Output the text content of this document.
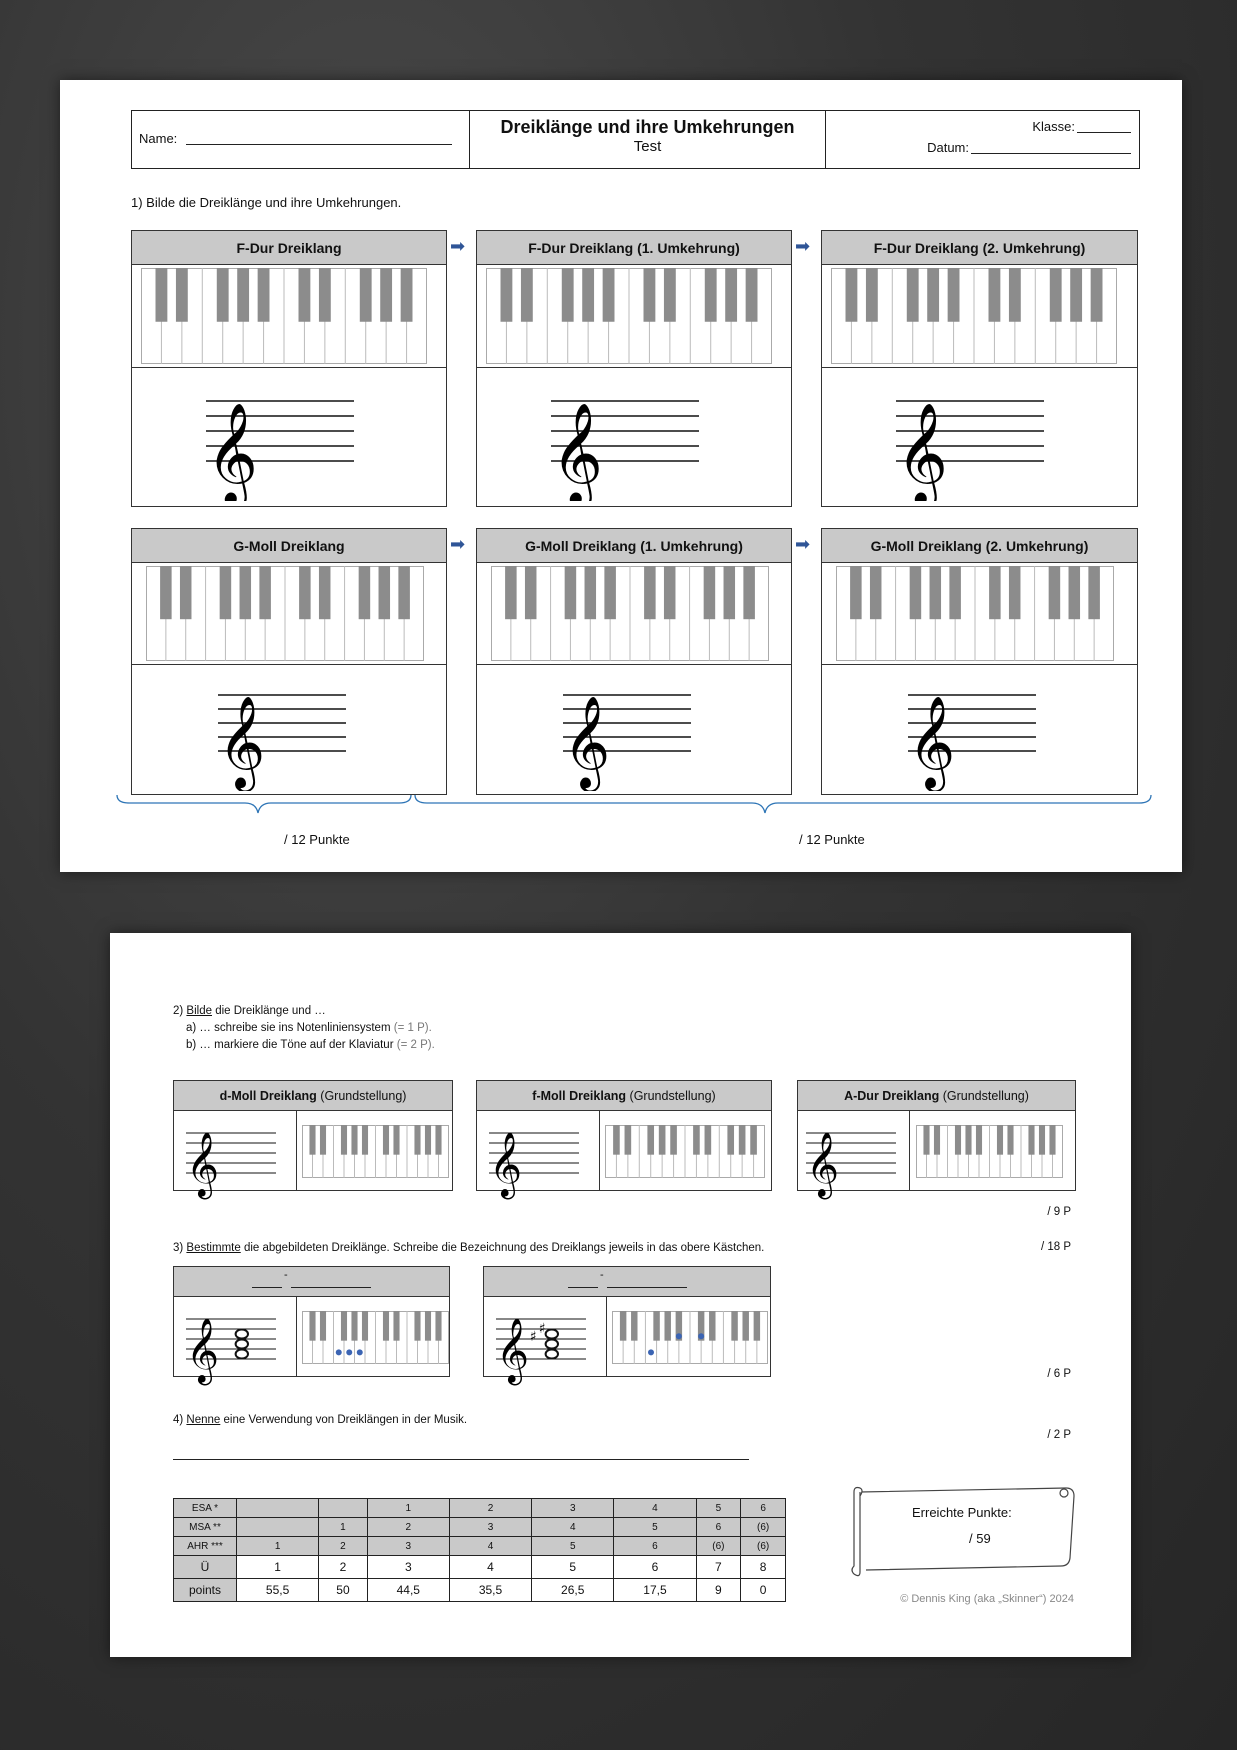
Name:
Dreiklänge und ihre Umkehrungen
Test
Klasse:
Datum:
1) Bilde die Dreiklänge und ihre Umkehrungen.
F-Dur Dreiklang
𝄞
➡	F-Dur Dreiklang (1. Umkehrung)
𝄞
➡	F-Dur Dreiklang (2. Umkehrung)
𝄞
G-Moll Dreiklang
𝄞
➡	G-Moll Dreiklang (1. Umkehrung)
𝄞
➡	G-Moll Dreiklang (2. Umkehrung)
𝄞
/ 12 Punkte	/ 12 Punkte
2) Bilde die Dreiklänge und …
a) … schreibe sie ins Notenliniensystem (= 1 P).
b) … markiere die Töne auf der Klaviatur (= 2 P).
d-Moll Dreiklang (Grundstellung)
𝄞
f-Moll Dreiklang (Grundstellung)
𝄞
A-Dur Dreiklang (Grundstellung)
𝄞
/ 9 P
3) Bestimmte die abgebildeten Dreiklänge. Schreibe die Bezeichnung des Dreiklangs jeweils in das obere Kästchen.	/ 18 P
-
𝄞
-
𝄞 ♯ ♯
/ 6 P
4) Nenne eine Verwendung von Dreiklängen in der Musik.
/ 2 P
ESA *			1	2	3	4	5	6
MSA **		1	2	3	4	5	6	(6)
AHR ***	1	2	3	4	5	6	(6)	(6)
Ü	1	2	3	4	5	6	7	8
points	55,5	50	44,5	35,5	26,5	17,5	9	0
Erreichte Punkte:
/ 59
© Dennis King (aka „Skinner“) 2024
